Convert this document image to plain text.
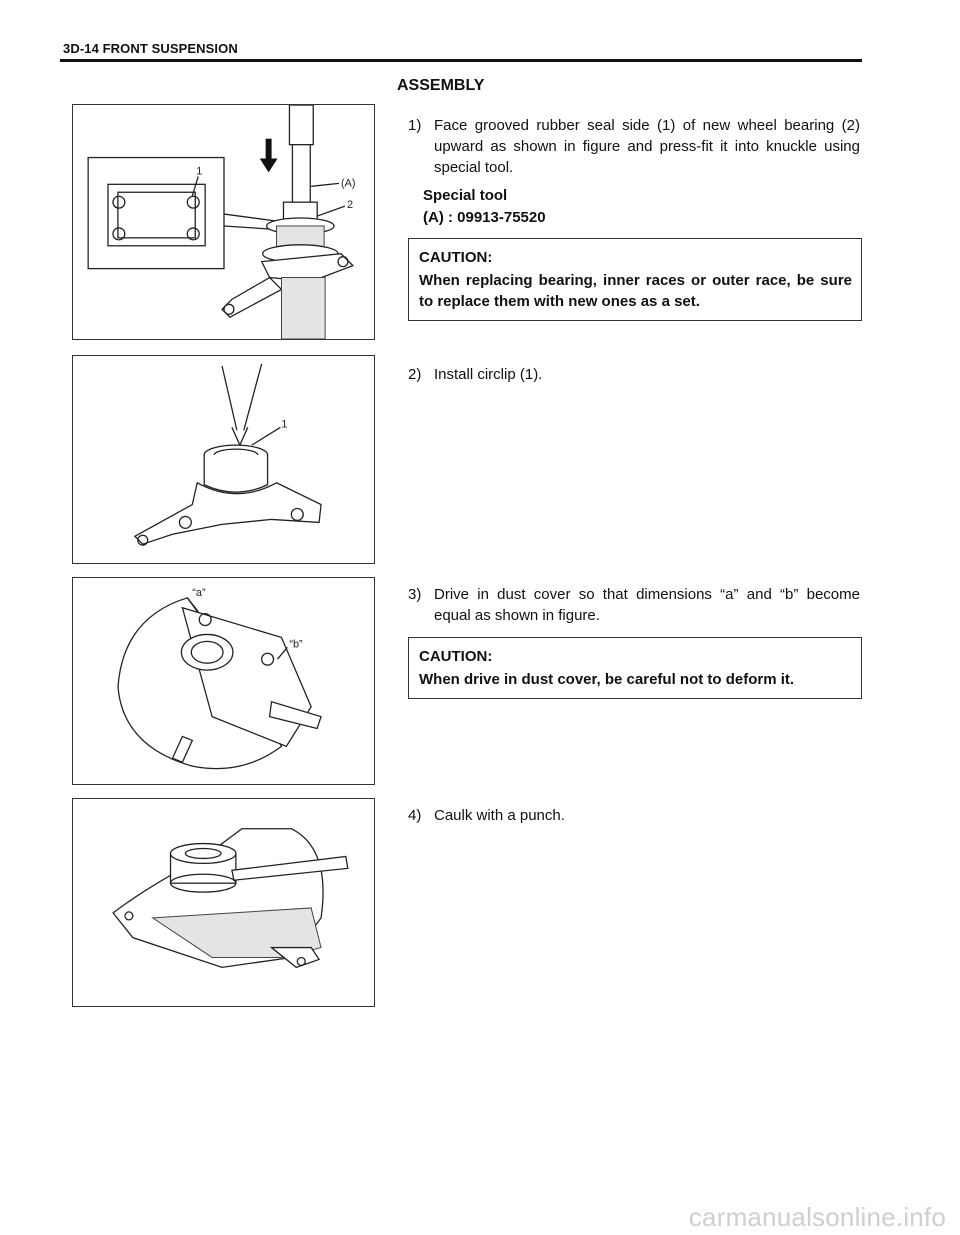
3D-14 FRONT SUSPENSION
ASSEMBLY
1
(A)
2
1) Face grooved rubber seal side (1) of new wheel bearing (2) upward as shown in figure and press-fit it into knuckle using special tool.
Special tool
(A) : 09913-75520
CAUTION:
When replacing bearing, inner races or outer race, be sure to replace them with new ones as a set.
1
2) Install circlip (1).
“a”
“b”
3) Drive in dust cover so that dimensions “a” and “b” become equal as shown in figure.
CAUTION:
When drive in dust cover, be careful not to deform it.
4) Caulk with a punch.
carmanualsonline.info
